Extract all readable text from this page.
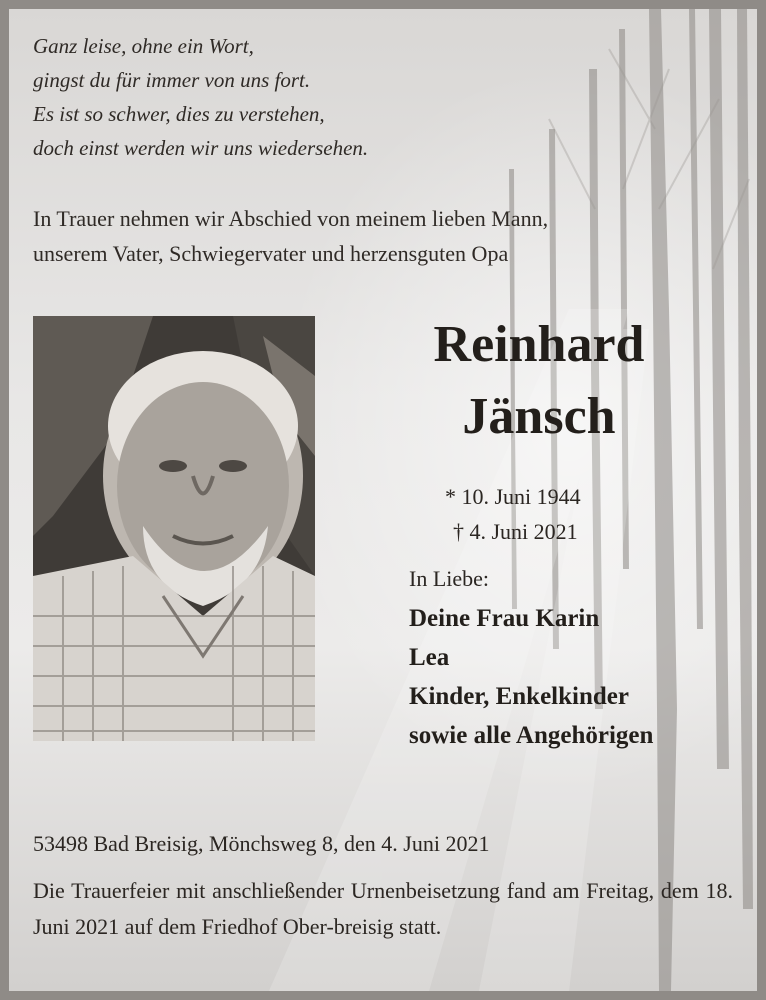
Ganz leise, ohne ein Wort,
gingst du für immer von uns fort.
Es ist so schwer, dies zu verstehen,
doch einst werden wir uns wiedersehen.
In Trauer nehmen wir Abschied von meinem lieben Mann,
unserem Vater, Schwiegervater und herzensguten Opa
Reinhard
Jänsch
* 10. Juni 1944
† 4. Juni 2021
In Liebe:
Deine Frau Karin
Lea
Kinder, Enkelkinder
sowie alle Angehörigen
53498 Bad Breisig, Mönchsweg 8, den 4. Juni 2021
Die Trauerfeier mit anschließender Urnenbeisetzung fand am Freitag, dem 18. Juni 2021 auf dem Friedhof Ober-breisig statt.
